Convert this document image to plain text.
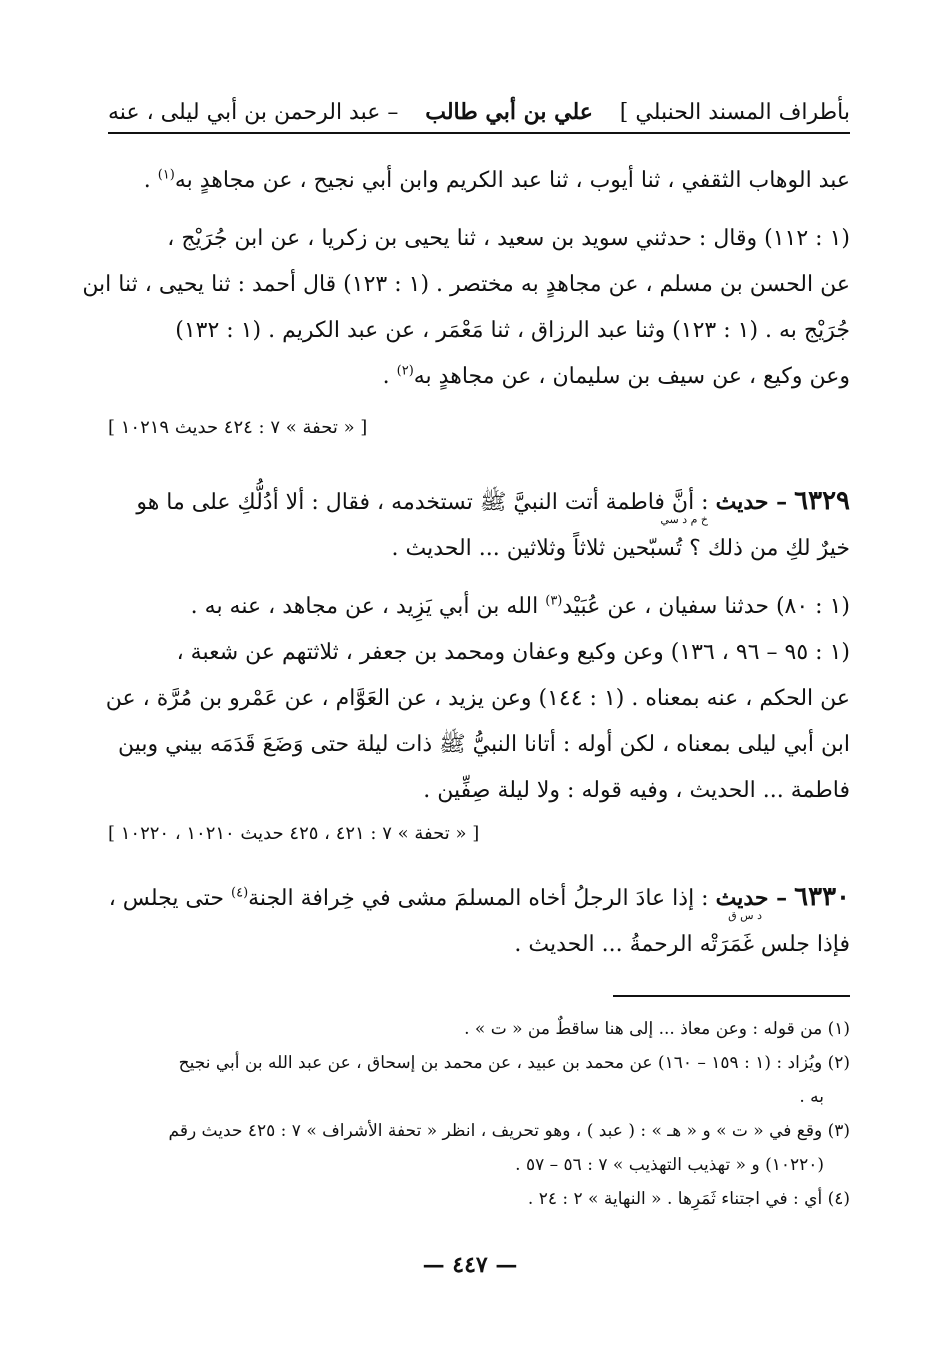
– عبد الرحمن بن أبي ليلى ، عنه علي بن أبي طالب بأطراف المسند الحنبلي ]
عبد الوهاب الثقفي ، ثنا أيوب ، ثنا عبد الكريم وابن أبي نجيح ، عن مجاهدٍ به$^{(١)}$ .
(١ : ١١٢) وقال : حدثني سويد بن سعيد ، ثنا يحيى بن زكريا ، عن ابن جُرَيْج ،
عن الحسن بن مسلم ، عن مجاهدٍ به مختصر . (١ : ١٢٣) قال أحمد : ثنا يحيى ، ثنا ابن
جُرَيْج به . (١ : ١٢٣) وثنا عبد الرزاق ، ثنا مَعْمَر ، عن عبد الكريم . (١ : ١٣٢)
وعن وكيع ، عن سيف بن سليمان ، عن مجاهدٍ به$^{(٢)}$ .
[ « تحفة » ٧ : ٤٢٤ حديث ١٠٢١٩ ]
٦٣٢٩ – حديث : أنَّ فاطمة أتت النبيَّ ﷺ تستخدمه ، فقال : ألا أدُلُّكِ على ما هو
خ م د سي
خيرٌ لكِ من ذلك ؟ تُسبّحين ثلاثاً وثلاثين ... الحديث .
(١ : ٨٠) حدثنا سفيان ، عن عُبَيْد$^{(٣)}$ الله بن أبي يَزِيد ، عن مجاهد ، عنه به .
(١ : ٩٥ – ٩٦ ، ١٣٦) وعن وكيع وعفان ومحمد بن جعفر ، ثلاثتهم عن شعبة ،
عن الحكم ، عنه بمعناه . (١ : ١٤٤) وعن يزيد ، عن العَوَّام ، عن عَمْرو بن مُرَّة ، عن
ابن أبي ليلى بمعناه ، لكن أوله : أتانا النبيُّ ﷺ ذات ليلة حتى وَضَعَ قَدَمَه بيني وبين
فاطمة ... الحديث ، وفيه قوله : ولا ليلة صِفِّين .
[ « تحفة » ٧ : ٤٢١ ، ٤٢٥ حديث ١٠٢١٠ ، ١٠٢٢٠ ]
٦٣٣٠ – حديث : إذا عادَ الرجلُ أخاه المسلمَ مشى في خِرافة الجنة$^{(٤)}$ حتى يجلس ،
د س ق
فإذا جلس غَمَرَتْه الرحمةُ ... الحديث .
(١) من قوله : وعن معاذ ... إلى هنا ساقطٌ من « ت » .
(٢) ويُزاد : (١ : ١٥٩ – ١٦٠) عن محمد بن عبيد ، عن محمد بن إسحاق ، عن عبد الله بن أبي نجيح
به .
(٣) وقع في « ت » و « هـ » : ( عبد ) ، وهو تحريف ، انظر « تحفة الأشراف » ٧ : ٤٢٥ حديث رقم
(١٠٢٢٠) و « تهذيب التهذيب » ٧ : ٥٦ – ٥٧ .
(٤) أي : في اجتناء ثَمَرِها . « النهاية » ٢ : ٢٤ .
— ٤٤٧ —
